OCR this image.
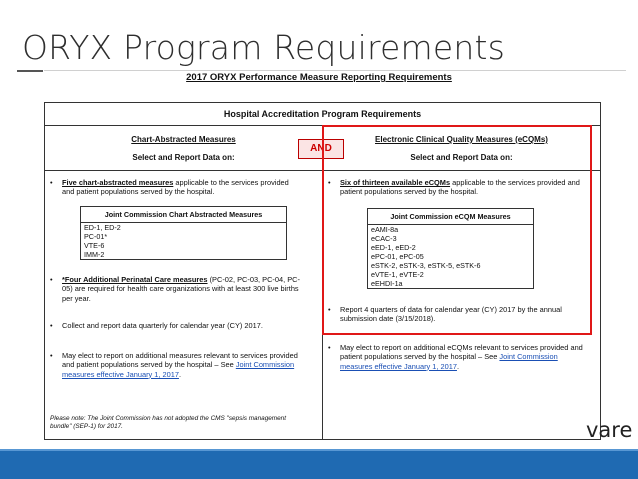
ORYX Program Requirements
2017 ORYX Performance Measure Reporting Requirements
Hospital Accreditation Program Requirements
Chart-Abstracted Measures
Select and Report Data on:
Electronic Clinical Quality Measures (eCQMs)
Select and Report Data on:
AND
• Five chart-abstracted measures applicable to the services provided and patient populations served by the hospital.
Joint Commission Chart Abstracted Measures
ED-1, ED-2
PC-01*
VTE-6
IMM-2
• *Four Additional Perinatal Care measures (PC-02, PC-03, PC-04, PC-05) are required for health care organizations with at least 300 live births per year.
• Collect and report data quarterly for calendar year (CY) 2017.
• May elect to report on additional measures relevant to services provided and patient populations served by the hospital – See Joint Commission measures effective January 1, 2017.
Please note: The Joint Commission has not adopted the CMS "sepsis management bundle" (SEP-1) for 2017.
• Six of thirteen available eCQMs applicable to the services provided and patient populations served by the hospital.
Joint Commission eCQM Measures
eAMI-8a
eCAC-3
eED-1, eED-2
ePC-01, ePC-05
eSTK-2, eSTK-3, eSTK-5, eSTK-6
eVTE-1, eVTE-2
eEHDI-1a
• Report 4 quarters of data for calendar year (CY) 2017 by the annual submission date (3/15/2018).
• May elect to report on additional eCQMs relevant to services provided and patient populations served by the hospital – See Joint Commission measures effective January 1, 2017.
vare
